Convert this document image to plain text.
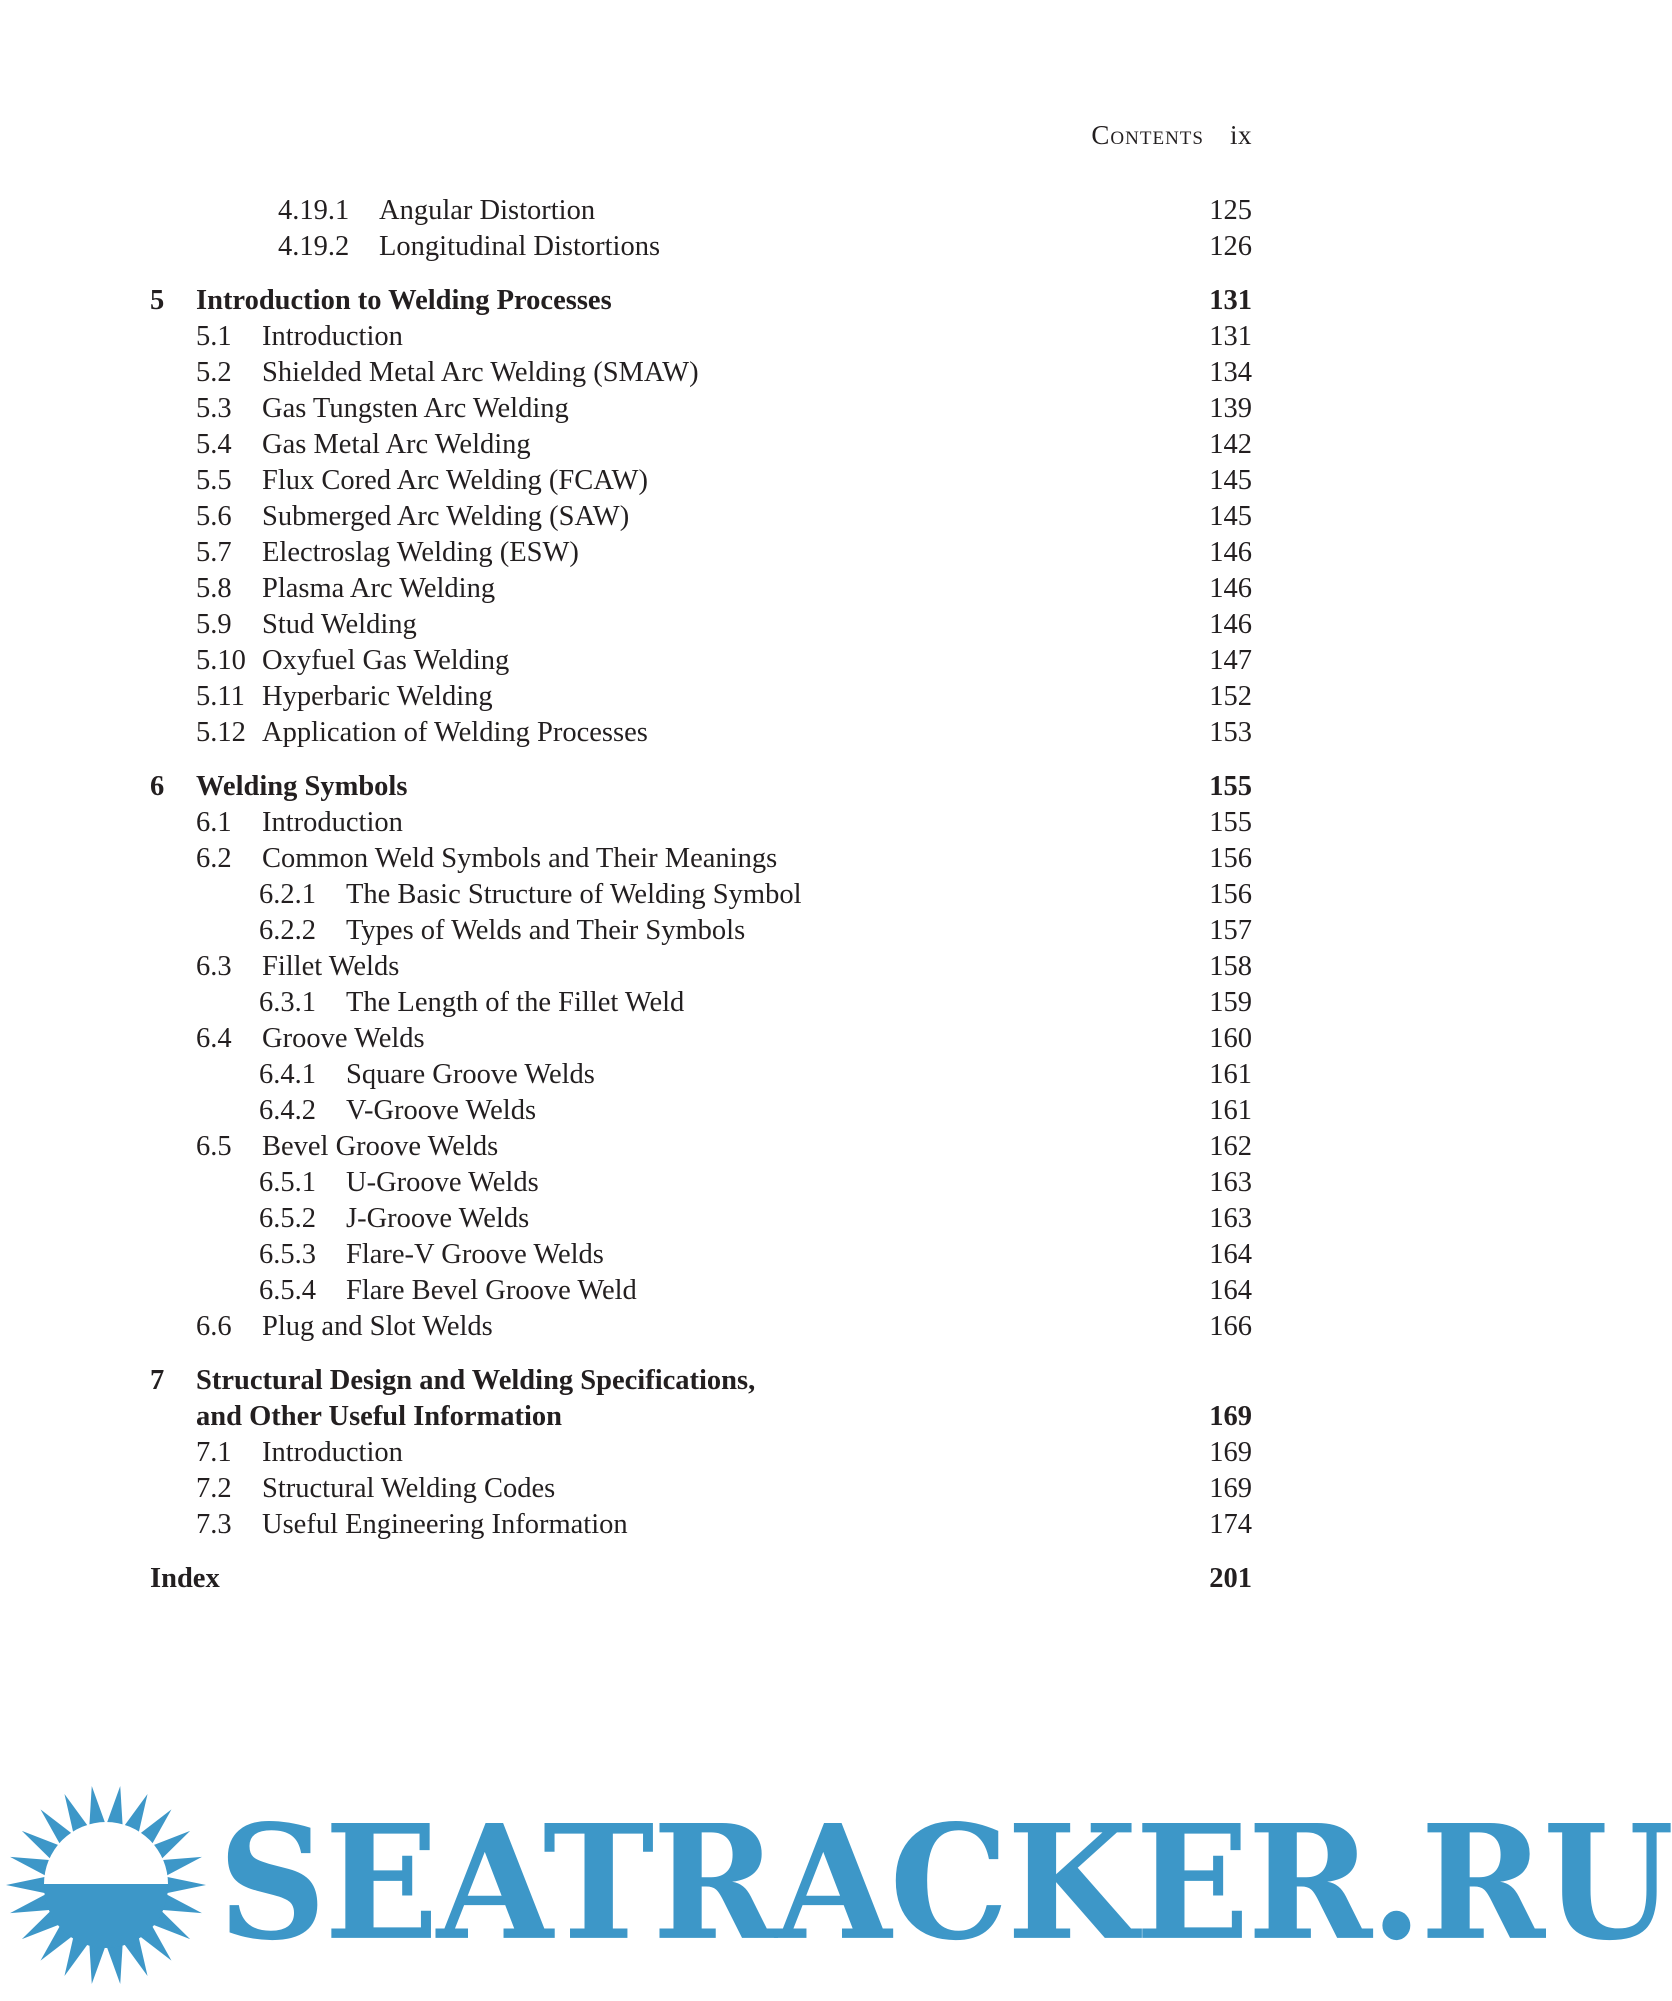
Contents ix
4.19.1 Angular Distortion	125
4.19.2 Longitudinal Distortions	126
5 Introduction to Welding Processes	131
5.1 Introduction	131
5.2 Shielded Metal Arc Welding (SMAW)	134
5.3 Gas Tungsten Arc Welding	139
5.4 Gas Metal Arc Welding	142
5.5 Flux Cored Arc Welding (FCAW)	145
5.6 Submerged Arc Welding (SAW)	145
5.7 Electroslag Welding (ESW)	146
5.8 Plasma Arc Welding	146
5.9 Stud Welding	146
5.10 Oxyfuel Gas Welding	147
5.11 Hyperbaric Welding	152
5.12 Application of Welding Processes	153
6 Welding Symbols	155
6.1 Introduction	155
6.2 Common Weld Symbols and Their Meanings	156
6.2.1 The Basic Structure of Welding Symbol	156
6.2.2 Types of Welds and Their Symbols	157
6.3 Fillet Welds	158
6.3.1 The Length of the Fillet Weld	159
6.4 Groove Welds	160
6.4.1 Square Groove Welds	161
6.4.2 V-Groove Welds	161
6.5 Bevel Groove Welds	162
6.5.1 U-Groove Welds	163
6.5.2 J-Groove Welds	163
6.5.3 Flare-V Groove Welds	164
6.5.4 Flare Bevel Groove Weld	164
6.6 Plug and Slot Welds	166
7 Structural Design and Welding Specifications,
and Other Useful Information	169
7.1 Introduction	169
7.2 Structural Welding Codes	169
7.3 Useful Engineering Information	174
Index	201
SEATRACKER.RU
